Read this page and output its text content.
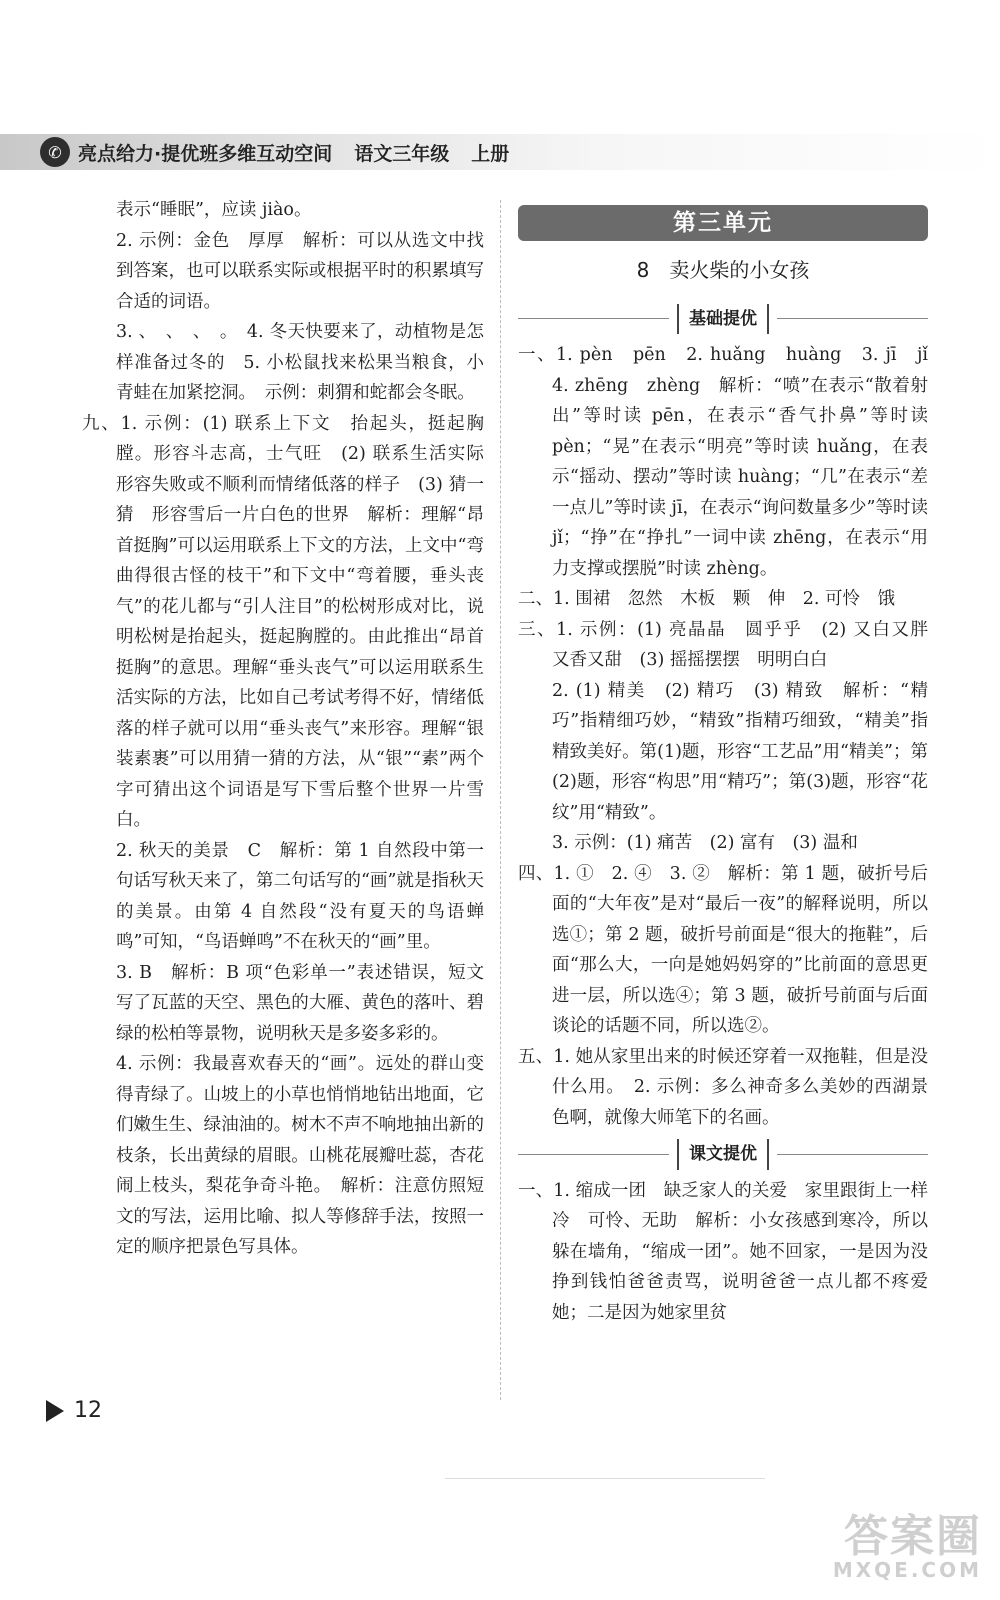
✆ 亮点给力·提优班多维互动空间 语文三年级 上册

表示“睡眠”，应读 jiào。

2. 示例：金色　厚厚　解析：可以从选文中找到答案，也可以联系实际或根据平时的积累填写合适的词语。

3. 、　、　、　。　4. 冬天快要来了，动植物是怎样准备过冬的　5. 小松鼠找来松果当粮食，小青蛙在加紧挖洞。　示例：刺猬和蛇都会冬眠。

九、1. 示例：(1) 联系上下文　抬起头，挺起胸膛。形容斗志高，士气旺　(2) 联系生活实际　形容失败或不顺利而情绪低落的样子　(3) 猜一猜　形容雪后一片白色的世界　解析：理解“昂首挺胸”可以运用联系上下文的方法，上文中“弯曲得很古怪的枝干”和下文中“弯着腰，垂头丧气”的花儿都与“引人注目”的松树形成对比，说明松树是抬起头，挺起胸膛的。由此推出“昂首挺胸”的意思。理解“垂头丧气”可以运用联系生活实际的方法，比如自己考试考得不好，情绪低落的样子就可以用“垂头丧气”来形容。理解“银装素裹”可以用猜一猜的方法，从“银”“素”两个字可猜出这个词语是写下雪后整个世界一片雪白。

2. 秋天的美景　C　解析：第 1 自然段中第一句话写秋天来了，第二句话写的“画”就是指秋天的美景。由第 4 自然段“没有夏天的鸟语蝉鸣”可知，“鸟语蝉鸣”不在秋天的“画”里。

3. B　解析：B 项“色彩单一”表述错误，短文写了瓦蓝的天空、黑色的大雁、黄色的落叶、碧绿的松柏等景物，说明秋天是多姿多彩的。

4. 示例：我最喜欢春天的“画”。远处的群山变得青绿了。山坡上的小草也悄悄地钻出地面，它们嫩生生、绿油油的。树木不声不响地抽出新的枝条，长出黄绿的眉眼。山桃花展瓣吐蕊，杏花闹上枝头，梨花争奇斗艳。　解析：注意仿照短文的写法，运用比喻、拟人等修辞手法，按照一定的顺序把景色写具体。

第三单元
8　卖火柴的小女孩
基础提优

一、1. pèn　pēn　2. huǎng　huàng　3. jī　jǐ　4. zhēng　zhèng　解析：“喷”在表示“散着射出”等时读 pēn，在表示“香气扑鼻”等时读 pèn；“晃”在表示“明亮”等时读 huǎng，在表示“摇动、摆动”等时读 huàng；“几”在表示“差一点儿”等时读 jī，在表示“询问数量多少”等时读 jǐ；“挣”在“挣扎”一词中读 zhēng，在表示“用力支撑或摆脱”时读 zhèng。

二、1. 围裙　忽然　木板　颗　伸　2. 可怜　饿

三、1. 示例：(1) 亮晶晶　圆乎乎　(2) 又白又胖　又香又甜　(3) 摇摇摆摆　明明白白

2. (1) 精美　(2) 精巧　(3) 精致　解析：“精巧”指精细巧妙，“精致”指精巧细致，“精美”指精致美好。第(1)题，形容“工艺品”用“精美”；第(2)题，形容“构思”用“精巧”；第(3)题，形容“花纹”用“精致”。

3. 示例：(1) 痛苦　(2) 富有　(3) 温和

四、1. ①　2. ④　3. ②　解析：第 1 题，破折号后面的“大年夜”是对“最后一夜”的解释说明，所以选①；第 2 题，破折号前面是“很大的拖鞋”，后面“那么大，一向是她妈妈穿的”比前面的意思更进一层，所以选④；第 3 题，破折号前面与后面谈论的话题不同，所以选②。

五、1. 她从家里出来的时候还穿着一双拖鞋，但是没什么用。　2. 示例：多么神奇多么美妙的西湖景色啊，就像大师笔下的名画。

课文提优

一、1. 缩成一团　缺乏家人的关爱　家里跟街上一样冷　可怜、无助　解析：小女孩感到寒冷，所以躲在墙角，“缩成一团”。她不回家，一是因为没挣到钱怕爸爸责骂，说明爸爸一点儿都不疼爱她；二是因为她家里贫

12
答案圈
MXQE.COM
